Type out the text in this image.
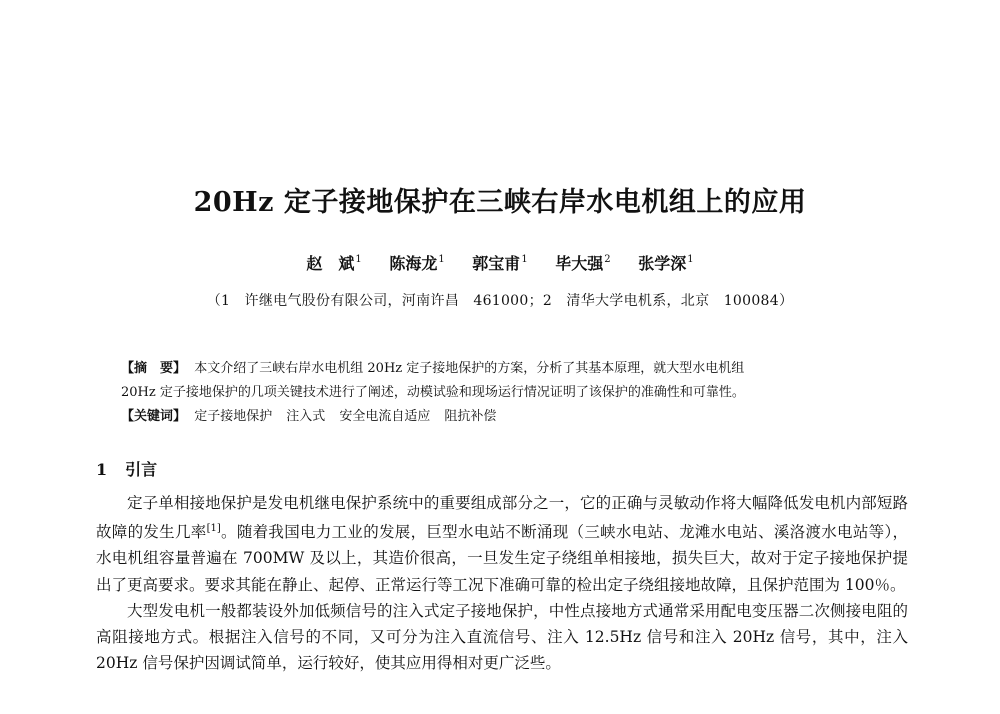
20Hz 定子接地保护在三峡右岸水电机组上的应用
赵　斌$^1$ 陈海龙$^1$ 郭宝甫$^1$ 毕大强$^2$ 张学深$^1$
（1　许继电气股份有限公司，河南许昌　461000；2　清华大学电机系，北京　100084）

【摘　要】 本文介绍了三峡右岸水电机组 20Hz 定子接地保护的方案，分析了其基本原理，就大型水电机组

20Hz 定子接地保护的几项关键技术进行了阐述，动模试验和现场运行情况证明了该保护的准确性和可靠性。

【关键词】 定子接地保护 注入式 安全电流自适应 阻抗补偿

1 引言

定子单相接地保护是发电机继电保护系统中的重要组成部分之一，它的正确与灵敏动作将大幅降低发电机内部短路故障的发生几率[1]。随着我国电力工业的发展，巨型水电站不断涌现（三峡水电站、龙滩水电站、溪洛渡水电站等），水电机组容量普遍在 700MW 及以上，其造价很高，一旦发生定子绕组单相接地，损失巨大，故对于定子接地保护提出了更高要求。要求其能在静止、起停、正常运行等工况下准确可靠的检出定子绕组接地故障，且保护范围为 100％。

大型发电机一般都装设外加低频信号的注入式定子接地保护，中性点接地方式通常采用配电变压器二次侧接电阻的高阻接地方式。根据注入信号的不同，又可分为注入直流信号、注入 12.5Hz 信号和注入 20Hz 信号，其中，注入 20Hz 信号保护因调试简单，运行较好，使其应用得相对更广泛些。
